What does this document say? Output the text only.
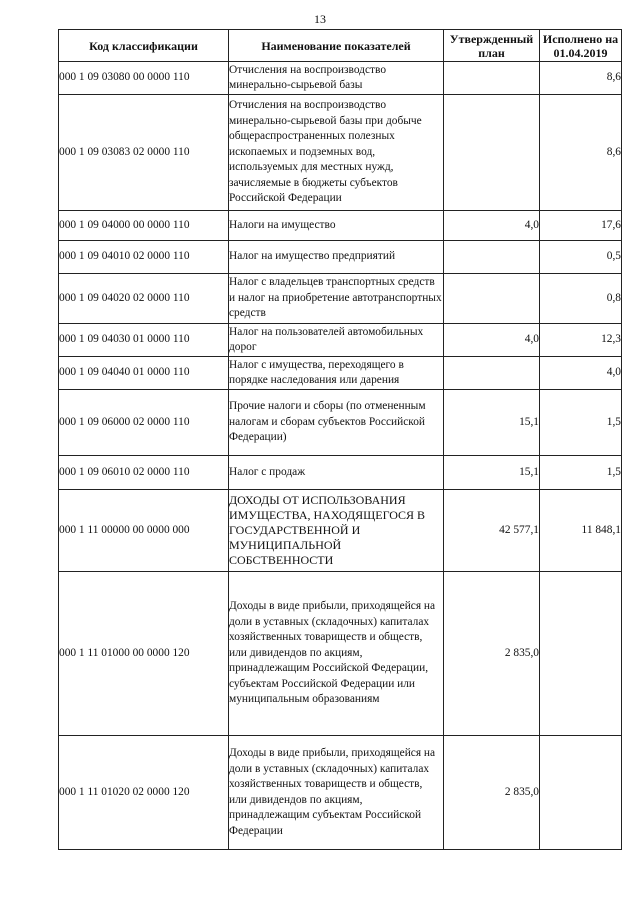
13
Код классификации	Наименование показателей	Утвержденный план	Исполнено на 01.04.2019
000 1 09 03080 00 0000 110	Отчисления на воспроизводство минерально-сырьевой базы		8,6
000 1 09 03083 02 0000 110	Отчисления на воспроизводство минерально-сырьевой базы при добыче общераспространенных полезных ископаемых и подземных вод, используемых для местных нужд, зачисляемые в бюджеты субъектов Российской Федерации		8,6
000 1 09 04000 00 0000 110	Налоги на имущество	4,0	17,6
000 1 09 04010 02 0000 110	Налог на имущество предприятий		0,5
000 1 09 04020 02 0000 110	Налог с владельцев транспортных средств и налог на приобретение автотранспортных средств		0,8
000 1 09 04030 01 0000 110	Налог на пользователей автомобильных дорог	4,0	12,3
000 1 09 04040 01 0000 110	Налог с имущества, переходящего в порядке наследования или дарения		4,0
000 1 09 06000 02 0000 110	Прочие налоги и сборы (по отмененным налогам и сборам субъектов Российской Федерации)	15,1	1,5
000 1 09 06010 02 0000 110	Налог с продаж	15,1	1,5
000 1 11 00000 00 0000 000	ДОХОДЫ ОТ ИСПОЛЬЗОВАНИЯ ИМУЩЕСТВА, НАХОДЯЩЕГОСЯ В ГОСУДАРСТВЕННОЙ И МУНИЦИПАЛЬНОЙ СОБСТВЕННОСТИ	42 577,1	11 848,1
000 1 11 01000 00 0000 120	Доходы в виде прибыли, приходящейся на доли в уставных (складочных) капиталах хозяйственных товариществ и обществ, или дивидендов по акциям, принадлежащим Российской Федерации, субъектам Российской Федерации или муниципальным образованиям	2 835,0	
000 1 11 01020 02 0000 120	Доходы в виде прибыли, приходящейся на доли в уставных (складочных) капиталах хозяйственных товариществ и обществ, или дивидендов по акциям, принадлежащим субъектам Российской Федерации	2 835,0	
